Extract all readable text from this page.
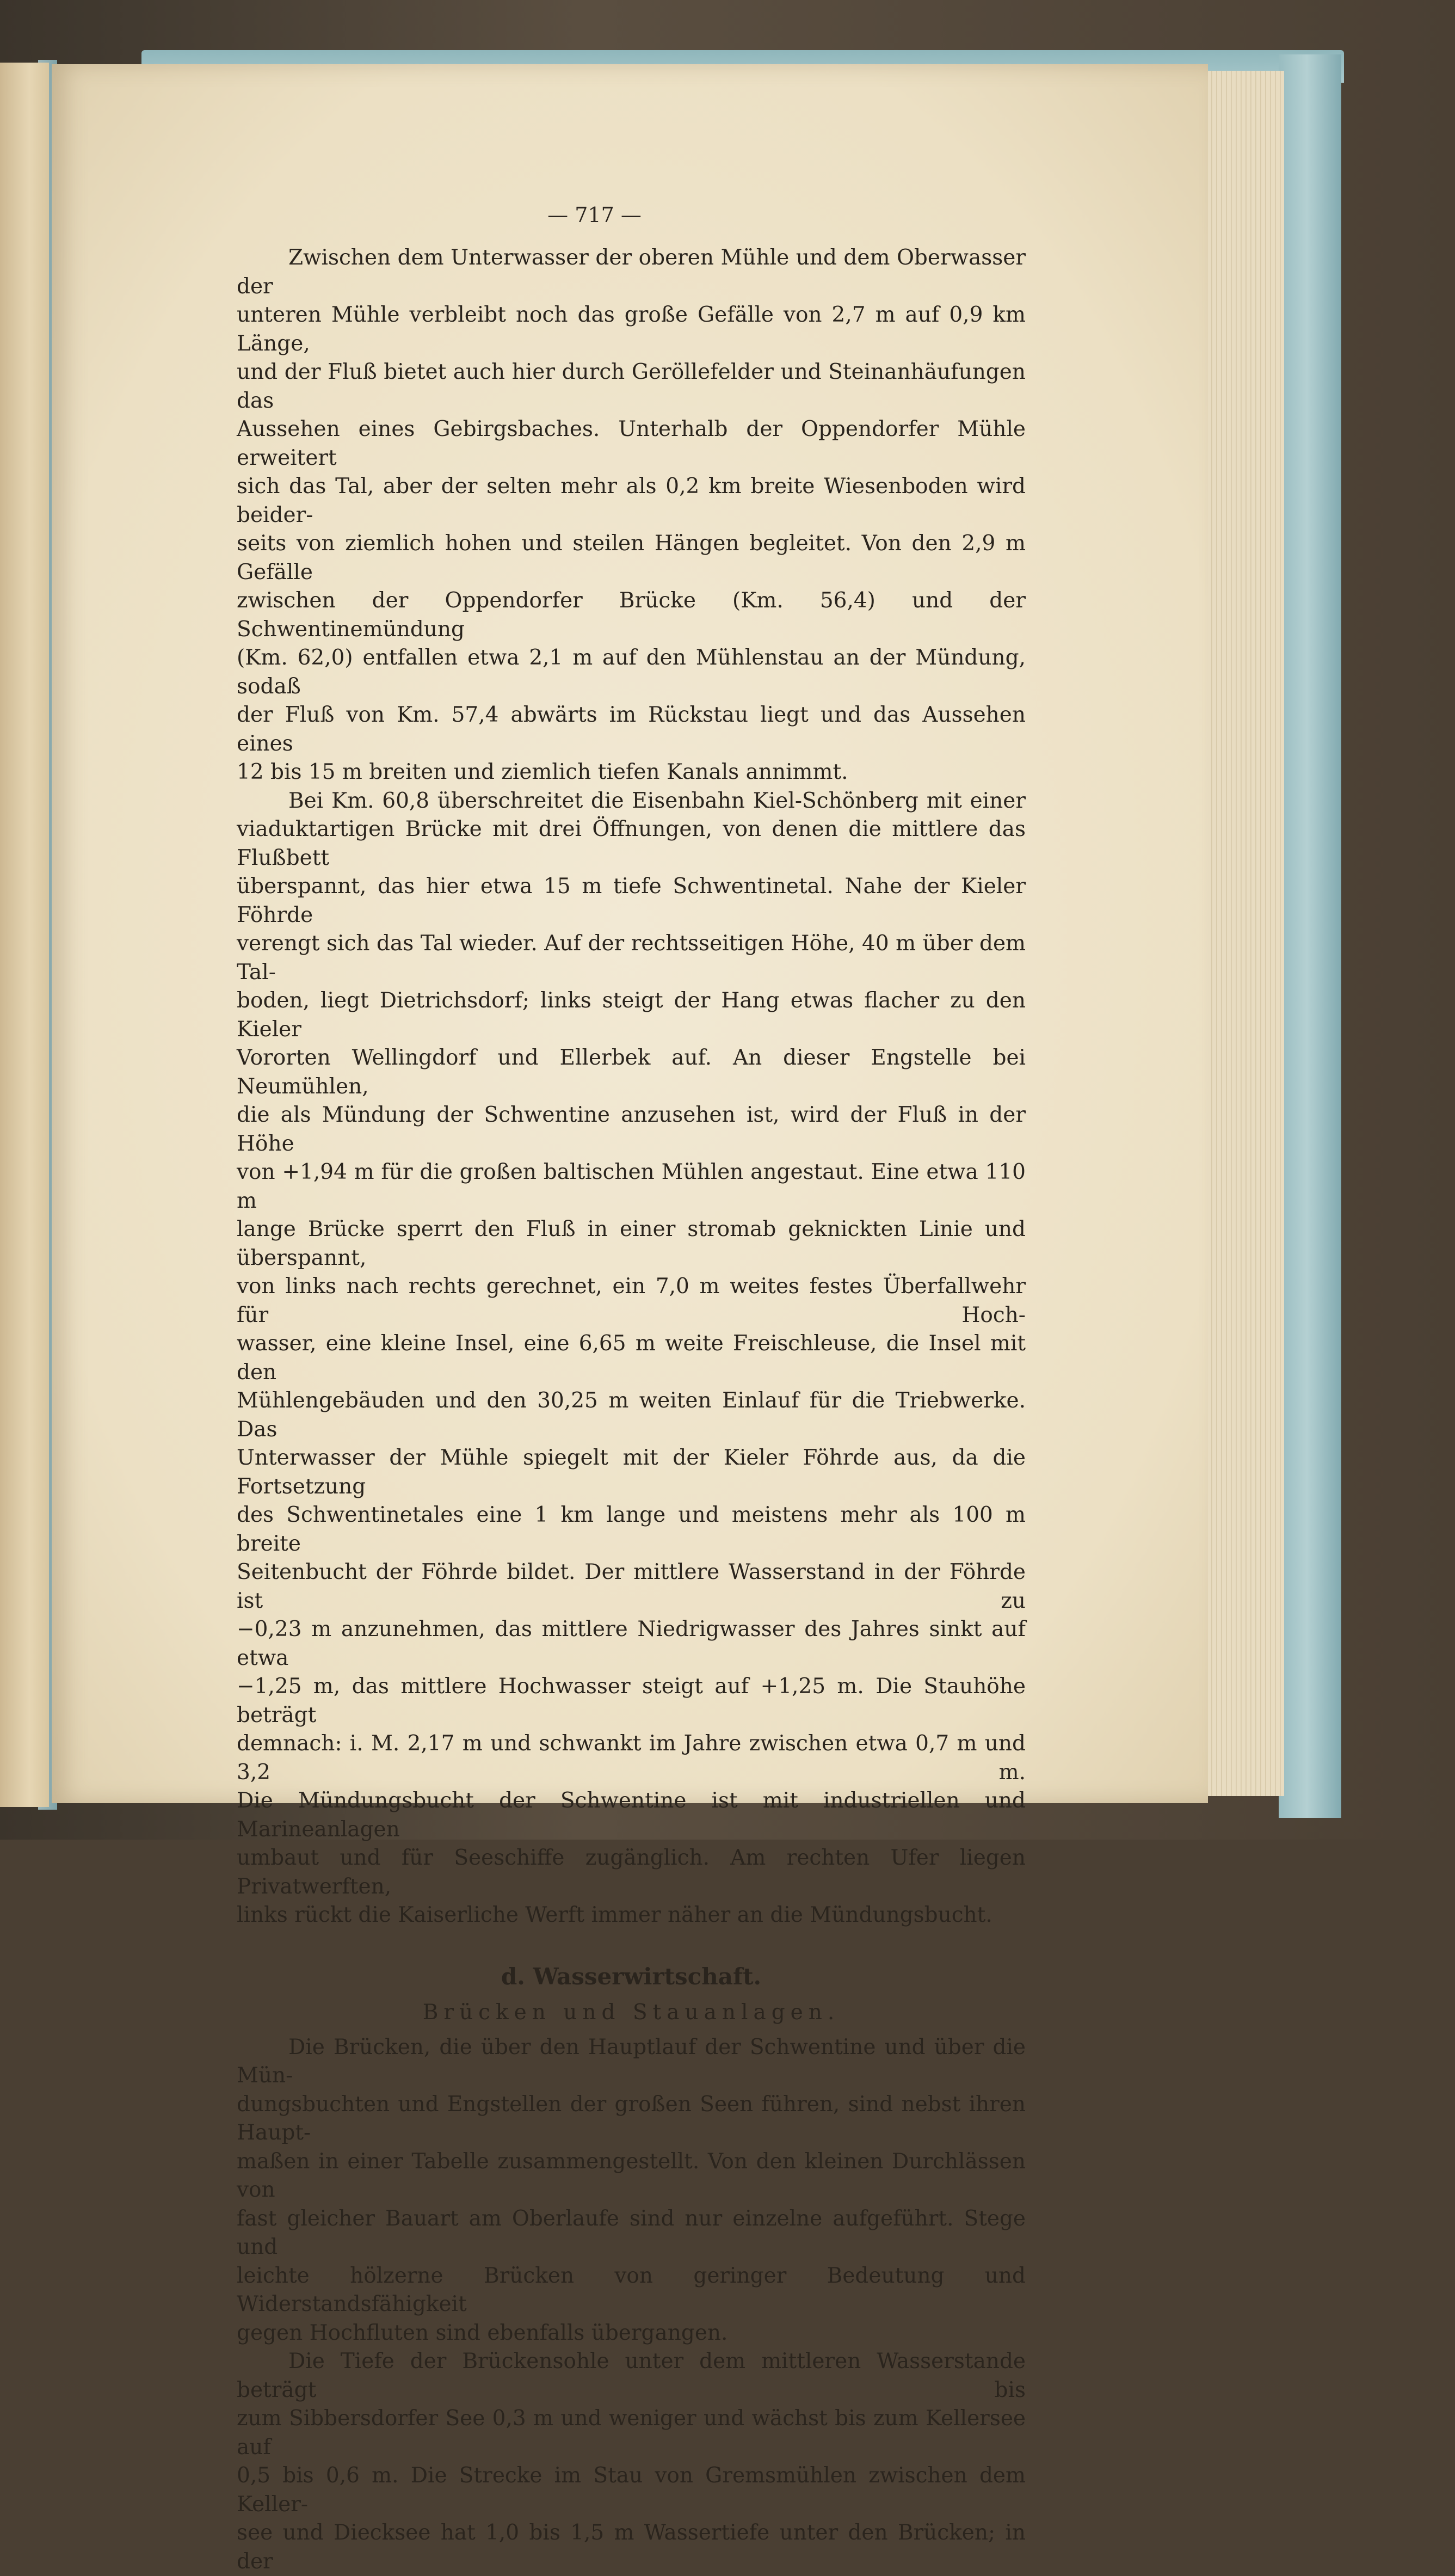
— 717 —

Zwischen dem Unterwasser der oberen Mühle und dem Oberwasser der

unteren Mühle verbleibt noch das große Gefälle von 2,7 m auf 0,9 km Länge,

und der Fluß bietet auch hier durch Geröllefelder und Steinanhäufungen das

Aussehen eines Gebirgsbaches. Unterhalb der Oppendorfer Mühle erweitert

sich das Tal, aber der selten mehr als 0,2 km breite Wiesenboden wird beider-

seits von ziemlich hohen und steilen Hängen begleitet. Von den 2,9 m Gefälle

zwischen der Oppendorfer Brücke (Km. 56,4) und der Schwentinemündung

(Km. 62,0) entfallen etwa 2,1 m auf den Mühlenstau an der Mündung, sodaß

der Fluß von Km. 57,4 abwärts im Rückstau liegt und das Aussehen eines

12 bis 15 m breiten und ziemlich tiefen Kanals annimmt.

Bei Km. 60,8 überschreitet die Eisenbahn Kiel-Schönberg mit einer

viaduktartigen Brücke mit drei Öffnungen, von denen die mittlere das Flußbett

überspannt, das hier etwa 15 m tiefe Schwentinetal. Nahe der Kieler Föhrde

verengt sich das Tal wieder. Auf der rechtsseitigen Höhe, 40 m über dem Tal-

boden, liegt Dietrichsdorf; links steigt der Hang etwas flacher zu den Kieler

Vororten Wellingdorf und Ellerbek auf. An dieser Engstelle bei Neumühlen,

die als Mündung der Schwentine anzusehen ist, wird der Fluß in der Höhe

von +1,94 m für die großen baltischen Mühlen angestaut. Eine etwa 110 m

lange Brücke sperrt den Fluß in einer stromab geknickten Linie und überspannt,

von links nach rechts gerechnet, ein 7,0 m weites festes Überfallwehr für Hoch-

wasser, eine kleine Insel, eine 6,65 m weite Freischleuse, die Insel mit den

Mühlengebäuden und den 30,25 m weiten Einlauf für die Triebwerke. Das

Unterwasser der Mühle spiegelt mit der Kieler Föhrde aus, da die Fortsetzung

des Schwentinetales eine 1 km lange und meistens mehr als 100 m breite

Seitenbucht der Föhrde bildet. Der mittlere Wasserstand in der Föhrde ist zu

−0,23 m anzunehmen, das mittlere Niedrigwasser des Jahres sinkt auf etwa

−1,25 m, das mittlere Hochwasser steigt auf +1,25 m. Die Stauhöhe beträgt

demnach: i. M. 2,17 m und schwankt im Jahre zwischen etwa 0,7 m und 3,2 m.

Die Mündungsbucht der Schwentine ist mit industriellen und Marineanlagen

umbaut und für Seeschiffe zugänglich. Am rechten Ufer liegen Privatwerften,

links rückt die Kaiserliche Werft immer näher an die Mündungsbucht.

d. Wasserwirtschaft.
Brücken und Stauanlagen.

Die Brücken, die über den Hauptlauf der Schwentine und über die Mün-

dungsbuchten und Engstellen der großen Seen führen, sind nebst ihren Haupt-

maßen in einer Tabelle zusammengestellt. Von den kleinen Durchlässen von

fast gleicher Bauart am Oberlaufe sind nur einzelne aufgeführt. Stege und

leichte hölzerne Brücken von geringer Bedeutung und Widerstandsfähigkeit

gegen Hochfluten sind ebenfalls übergangen.

Die Tiefe der Brückensohle unter dem mittleren Wasserstande beträgt bis

zum Sibbersdorfer See 0,3 m und weniger und wächst bis zum Kellersee auf

0,5 bis 0,6 m. Die Strecke im Stau von Gremsmühlen zwischen dem Keller-

see und Diecksee hat 1,0 bis 1,5 m Wassertiefe unter den Brücken; in der
